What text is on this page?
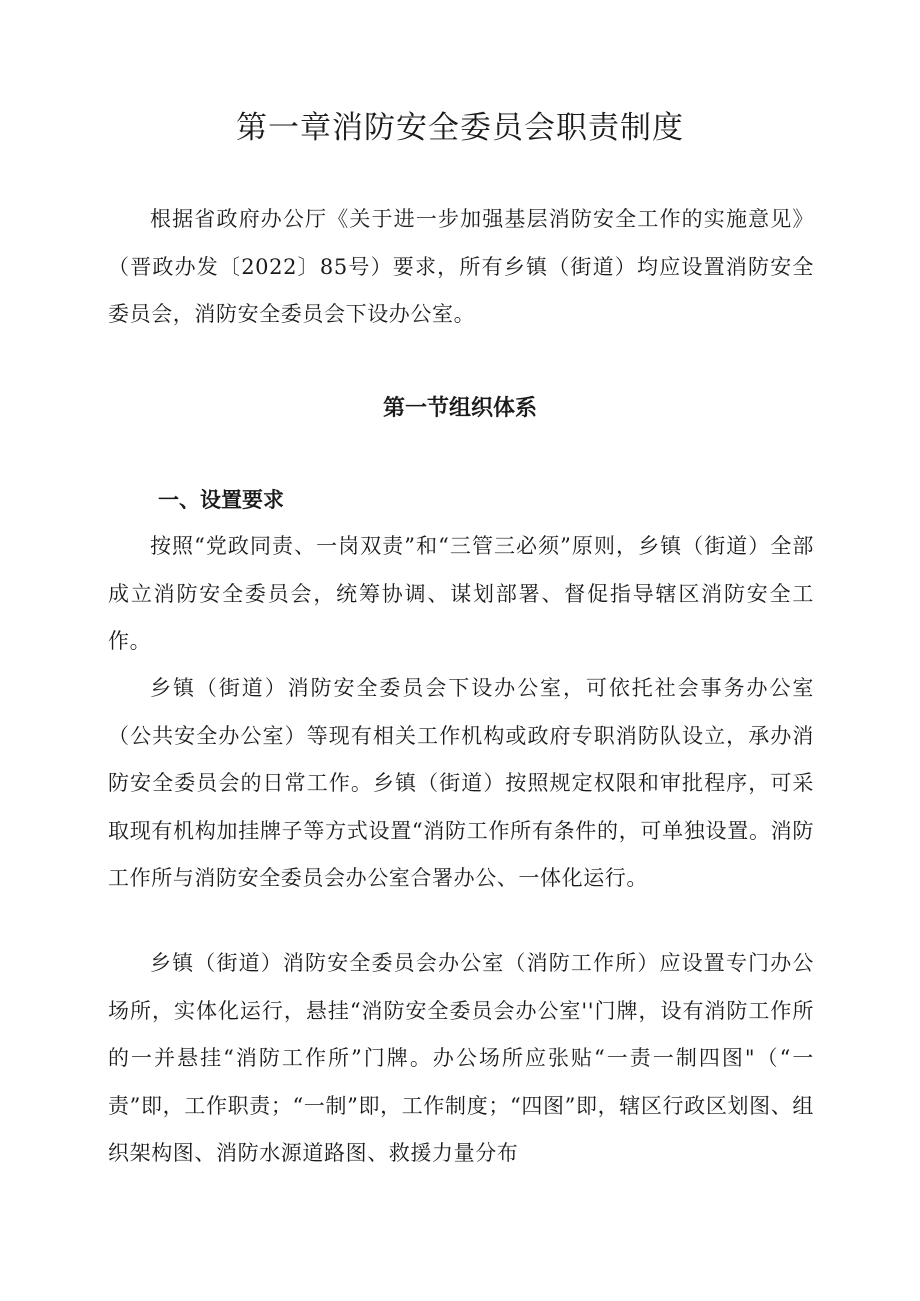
第一章消防安全委员会职责制度

根据省政府办公厅《关于进一步加强基层消防安全工作的实施意见》（晋政办发〔2022〕85号）要求，所有乡镇（街道）均应设置消防安全委员会，消防安全委员会下设办公室。

第一节组织体系
一、设置要求

按照“党政同责、一岗双责”和“三管三必须”原则，乡镇（街道）全部成立消防安全委员会，统筹协调、谋划部署、督促指导辖区消防安全工作。

乡镇（街道）消防安全委员会下设办公室，可依托社会事务办公室（公共安全办公室）等现有相关工作机构或政府专职消防队设立，承办消防安全委员会的日常工作。乡镇（街道）按照规定权限和审批程序，可采取现有机构加挂牌子等方式设置“消防工作所有条件的，可单独设置。消防工作所与消防安全委员会办公室合署办公、一体化运行。

乡镇（街道）消防安全委员会办公室（消防工作所）应设置专门办公场所，实体化运行，悬挂“消防安全委员会办公室''门牌，设有消防工作所的一并悬挂“消防工作所”门牌。办公场所应张贴“一责一制四图"（“一责”即，工作职责；“一制”即，工作制度；“四图”即，辖区行政区划图、组织架构图、消防水源道路图、救援力量分布
